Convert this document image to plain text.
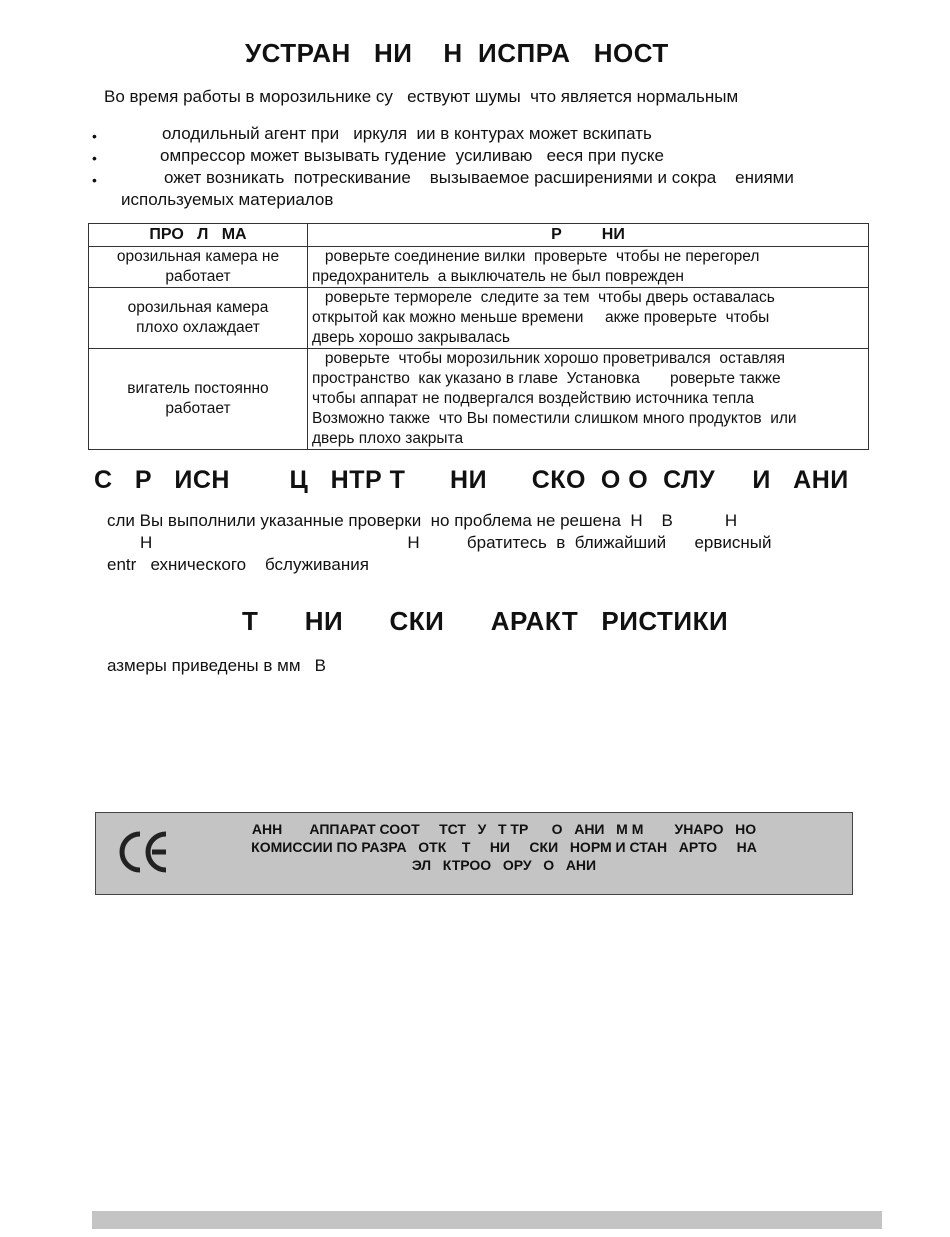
УСТРАН   НИ    Н  ИСПРА   НОСТ
Во время работы в морозильнике су   ествуют шумы  что является нормальным
•	олодильный агент при   иркуля  ии в контурах может вскипать
•	омпрессор может вызывать гудение  усиливаю   ееся при пуске
•	ожет возникать  потрескивание    вызываемое расширениями и сокра    ениями
используемых материалов
ПРО   Л   МА	Р         НИ

орозильная камера не
работает	роверьте соединение вилки  проверьте  чтобы не перегорел
предохранитель  а выключатель не был поврежден

орозильная камера
плохо охлаждает	роверьте термореле  следите за тем  чтобы дверь оставалась
открытой как можно меньше времени     акже проверьте  чтобы
дверь хорошо закрывалась

вигатель постоянно
работает	роверьте  чтобы морозильник хорошо проветривался  оставляя
пространство  как указано в главе  Установка       роверьте также
чтобы аппарат не подвергался воздействию источника тепла
Возможно также  что Вы поместили слишком много продуктов  или
дверь плохо закрыта
С   Р   ИСН        Ц   НТР Т      НИ      СКО  О О  СЛУ     И   АНИ
сли Вы выполнили указанные проверки  но проблема не решена  Н    В           Н
Н                                                      Н          братитесь  в  ближайший      ервисный
entr   ехнического    бслуживания
Т      НИ      СКИ      АРАКТ   РИСТИКИ
азмеры приведены в мм   В
АНН       АППАРАТ СООТ     ТСТ   У   Т ТР      О   АНИ   М М        УНАРО   НО
КОМИССИИ ПО РАЗРА   ОТК    Т     НИ     СКИ   НОРМ И СТАН   АРТО     НА
ЭЛ   КТРОО   ОРУ   О   АНИ
